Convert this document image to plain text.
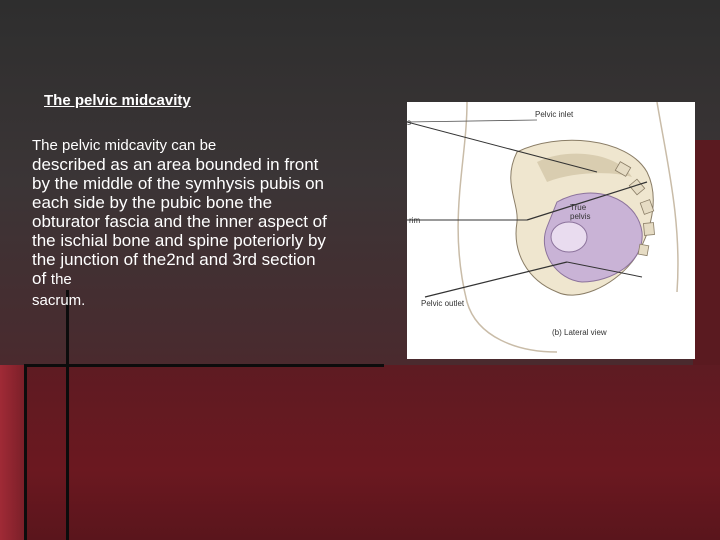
The pelvic midcavity
The pelvic midcavity can be
described as an area bounded in front by the middle of the symhysis pubis on each side by the pubic bone the obturator fascia and the inner aspect of the ischial bone and spine poteriorly by the junction of the2nd and 3rd section of the
sacrum.
Pelvic inlet
True pelvis
rim
s
Pelvic outlet
(b) Lateral view
